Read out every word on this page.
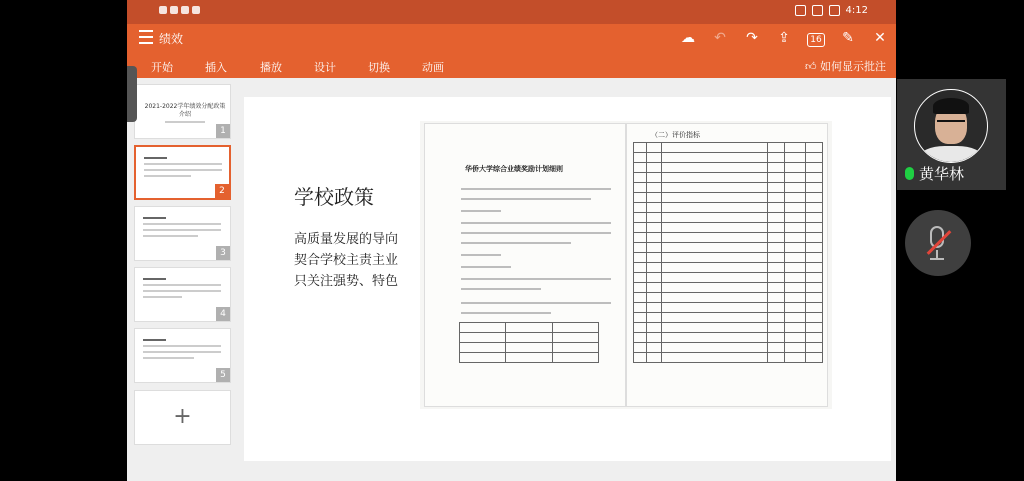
4:12
绩效	☁ ↶ ↷ ⇪	16	✎ ✕
开始	插入	播放	设计	切换	动画	👍︎ 如何显示批注
2021-2022学年绩效分配政策介绍
1
2
3
4
5
+
学校政策
高质量发展的导向
契合学校主责主业
只关注强势、特色
华侨大学综合业绩奖励计划细则

（二）评价指标

黄华林
